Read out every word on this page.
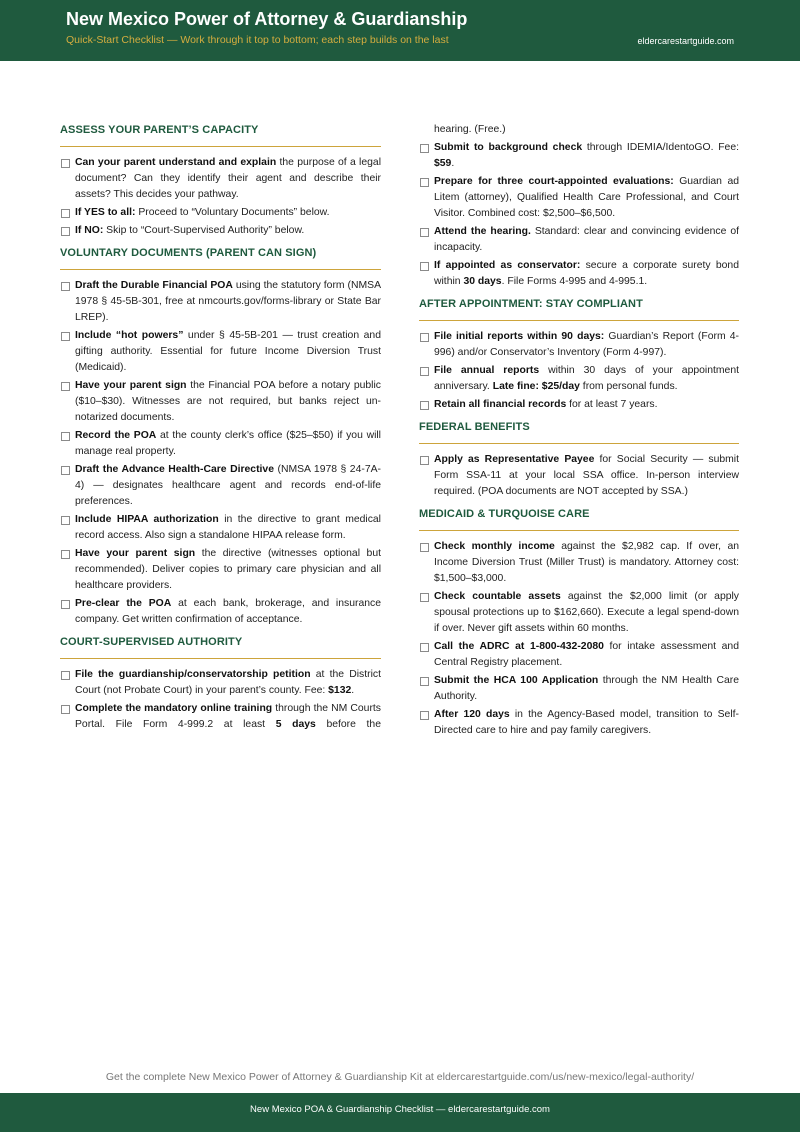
New Mexico Power of Attorney & Guardianship
Quick-Start Checklist — Work through it top to bottom; each step builds on the last	eldercarestartguide.com
ASSESS YOUR PARENT’S CAPACITY
Can your parent understand and explain the purpose of a legal document? Can they identify their agent and describe their assets? This decides your pathway.
If YES to all: Proceed to “Voluntary Documents” below.
If NO: Skip to “Court-Supervised Authority” below.
VOLUNTARY DOCUMENTS (PARENT CAN SIGN)
Draft the Durable Financial POA using the statutory form (NMSA 1978 § 45-5B-301, free at nmcourts.gov/forms-library or State Bar LREP).
Include “hot powers” under § 45-5B-201 — trust creation and gifting authority. Essential for future Income Diversion Trust (Medicaid).
Have your parent sign the Financial POA before a notary public ($10–$30). Witnesses are not required, but banks reject un-notarized documents.
Record the POA at the county clerk’s office ($25–$50) if you will manage real property.
Draft the Advance Health-Care Directive (NMSA 1978 § 24-7A-4) — designates healthcare agent and records end-of-life preferences.
Include HIPAA authorization in the directive to grant medical record access. Also sign a standalone HIPAA release form.
Have your parent sign the directive (witnesses optional but recommended). Deliver copies to primary care physician and all healthcare providers.
Pre-clear the POA at each bank, brokerage, and insurance company. Get written confirmation of acceptance.
COURT-SUPERVISED AUTHORITY
File the guardianship/conservatorship petition at the District Court (not Probate Court) in your parent’s county. Fee: $132.
Complete the mandatory online training through the NM Courts Portal. File Form 4-999.2 at least 5 days before the
hearing. (Free.)
Submit to background check through IDEMIA/IdentoGO. Fee: $59.
Prepare for three court-appointed evaluations: Guardian ad Litem (attorney), Qualified Health Care Professional, and Court Visitor. Combined cost: $2,500–$6,500.
Attend the hearing. Standard: clear and convincing evidence of incapacity.
If appointed as conservator: secure a corporate surety bond within 30 days. File Forms 4-995 and 4-995.1.
AFTER APPOINTMENT: STAY COMPLIANT
File initial reports within 90 days: Guardian’s Report (Form 4-996) and/or Conservator’s Inventory (Form 4-997).
File annual reports within 30 days of your appointment anniversary. Late fine: $25/day from personal funds.
Retain all financial records for at least 7 years.
FEDERAL BENEFITS
Apply as Representative Payee for Social Security — submit Form SSA-11 at your local SSA office. In-person interview required. (POA documents are NOT accepted by SSA.)
MEDICAID & TURQUOISE CARE
Check monthly income against the $2,982 cap. If over, an Income Diversion Trust (Miller Trust) is mandatory. Attorney cost: $1,500–$3,000.
Check countable assets against the $2,000 limit (or apply spousal protections up to $162,660). Execute a legal spend-down if over. Never gift assets within 60 months.
Call the ADRC at 1-800-432-2080 for intake assessment and Central Registry placement.
Submit the HCA 100 Application through the NM Health Care Authority.
After 120 days in the Agency-Based model, transition to Self-Directed care to hire and pay family caregivers.
Get the complete New Mexico Power of Attorney & Guardianship Kit at eldercarestartguide.com/us/new-mexico/legal-authority/
New Mexico POA & Guardianship Checklist — eldercarestartguide.com
